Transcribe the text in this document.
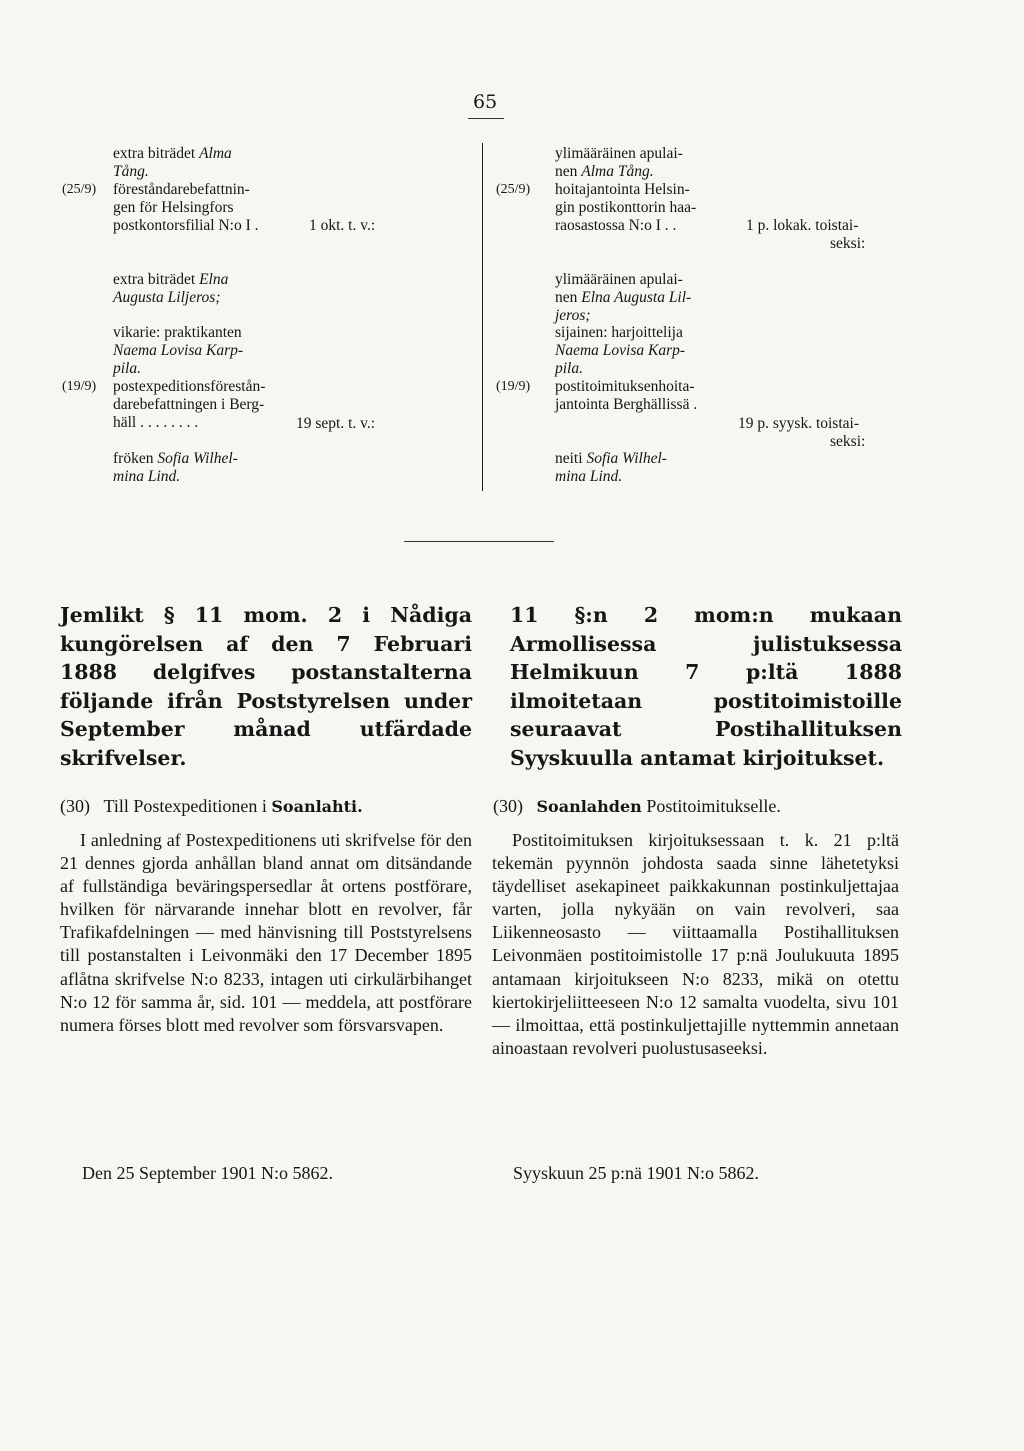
65
extra biträdet Alma
Tång.
(25/9) föreståndarebefattnin-
gen för Helsingfors
postkontorsfilial N:o I .
extra biträdet Elna
Augusta Liljeros;
vikarie: praktikanten
Naema Lovisa Karp-
pila.
(19/9) postexpeditionsförestån-
darebefattningen i Berg-
häll . . . . . . . .
fröken Sofia Wilhel-
mina Lind.
1 okt. t. v.:
19 sept. t. v.:
ylimääräinen apulai-
nen Alma Tång.
(25/9) hoitajantointa Helsin-
gin postikonttorin haa-
raosastossa N:o I . .
ylimääräinen apulai-
nen Elna Augusta Lil-
jeros;
sijainen: harjoittelija
Naema Lovisa Karp-
pila.
(19/9) postitoimituksenhoita-
jantointa Berghällissä .
neiti Sofia Wilhel-
mina Lind.
1 p. lokak. toistai-
seksi:
19 p. syysk. toistai-
seksi:
Jemlikt § 11 mom. 2 i Nådiga kungörelsen af den 7 Februari 1888 delgifves postanstalterna följande ifrån Poststyrelsen under September månad utfärdade skrifvelser.
11 §:n 2 mom:n mukaan Armollisessa julistuksessa Helmikuun 7 p:ltä 1888 ilmoitetaan postitoimistoille seuraavat Postihallituksen Syyskuulla antamat kirjoitukset.
(30) Till Postexpeditionen i Soanlahti.	(30) Soanlahden Postitoimitukselle.
I anledning af Postexpeditionens uti skrifvelse för den 21 dennes gjorda anhållan bland annat om ditsändande af fullständiga beväringspersedlar åt ortens postförare, hvilken för närvarande innehar blott en revolver, får Trafikafdelningen — med hänvisning till Poststyrelsens till postanstalten i Leivonmäki den 17 December 1895 aflåtna skrifvelse N:o 8233, intagen uti cirkulärbihanget N:o 12 för samma år, sid. 101 — meddela, att postförare numera förses blott med revolver som försvarsvapen.
Postitoimituksen kirjoituksessaan t. k. 21 p:ltä tekemän pyynnön johdosta saada sinne lähetetyksi täydelliset asekapineet paikkakunnan postinkuljettajaa varten, jolla nykyään on vain revolveri, saa Liikenneosasto — viittaamalla Postihallituksen Leivonmäen postitoimistolle 17 p:nä Joulukuuta 1895 antamaan kirjoitukseen N:o 8233, mikä on otettu kiertokirjeliitteeseen N:o 12 samalta vuodelta, sivu 101 — ilmoittaa, että postinkuljettajille nyttemmin annetaan ainoastaan revolveri puolustusaseeksi.
Den 25 September 1901 N:o 5862.	Syyskuun 25 p:nä 1901 N:o 5862.
